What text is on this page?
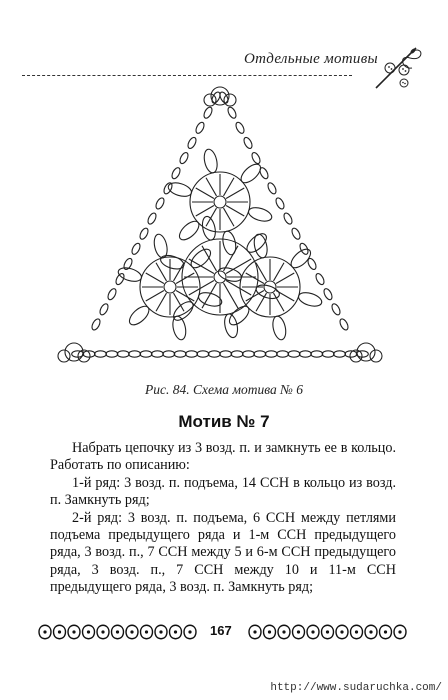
Отдельные мотивы
Рис. 84. Схема мотива № 6
Мотив № 7

Набрать цепочку из 3 возд. п. и замкнуть ее в кольцо. Работать по описанию:

1-й ряд: 3 возд. п. подъема, 14 ССН в кольцо из возд. п. Замкнуть ряд;

2-й ряд: 3 возд. п. подъема, 6 ССН между петлями подъема предыдущего ряда и 1-м ССН предыдущего ряда, 3 возд. п., 7 ССН между 5 и 6-м ССН предыдущего ряда, 3 возд. п., 7 ССН между 10 и 11-м ССН предыдущего ряда, 3 возд. п. Замкнуть ряд;

167
http://www.sudaruchka.com/
